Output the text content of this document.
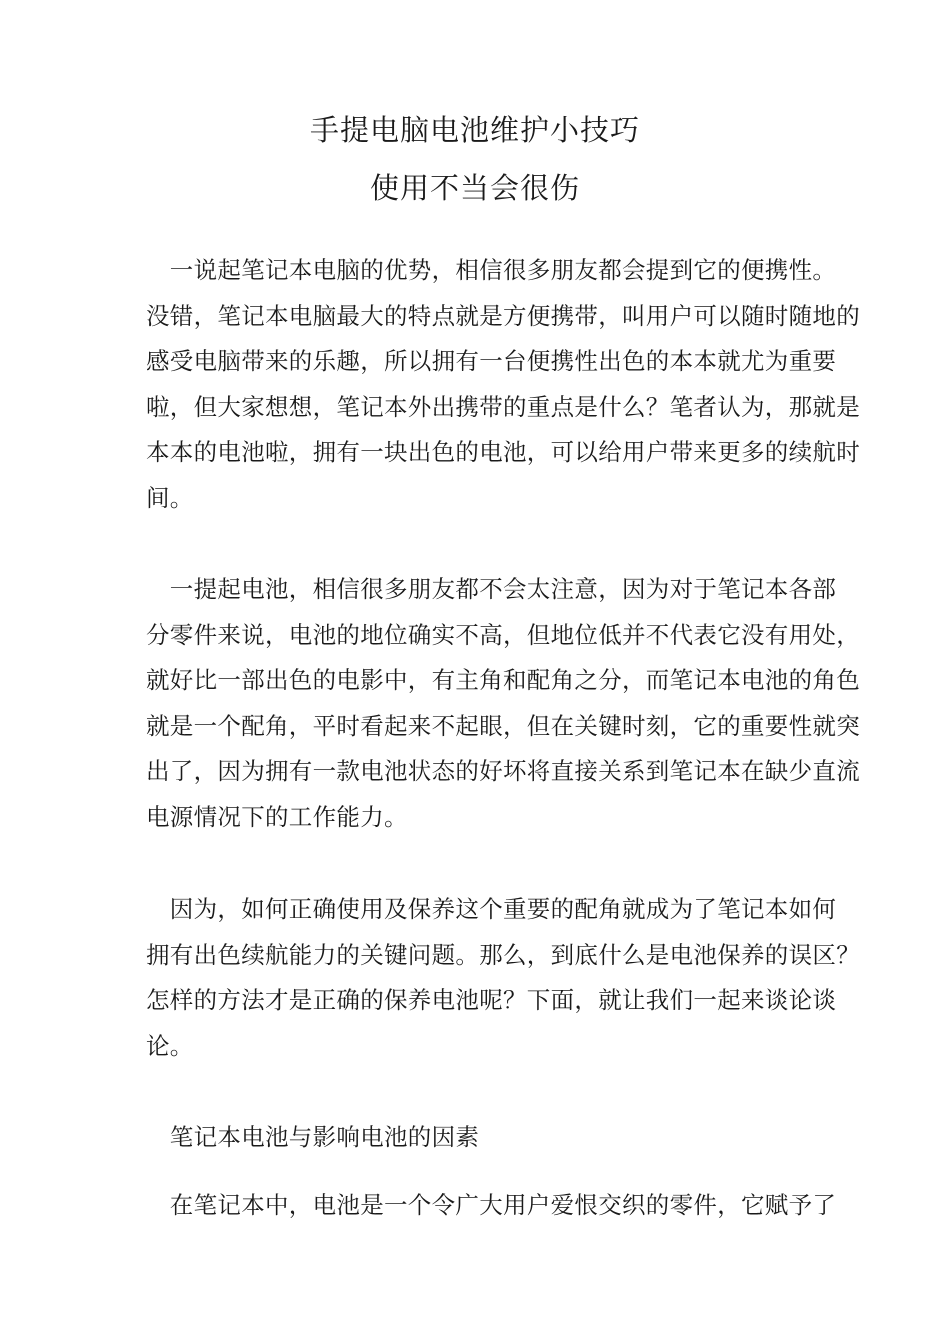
手提电脑电池维护小技巧
使用不当会很伤

　一说起笔记本电脑的优势，相信很多朋友都会提到它的便携性。
没错，笔记本电脑最大的特点就是方便携带，叫用户可以随时随地的
感受电脑带来的乐趣，所以拥有一台便携性出色的本本就尤为重要
啦，但大家想想，笔记本外出携带的重点是什么？笔者认为，那就是
本本的电池啦，拥有一块出色的电池，可以给用户带来更多的续航时
间。

　一提起电池，相信很多朋友都不会太注意，因为对于笔记本各部
分零件来说，电池的地位确实不高，但地位低并不代表它没有用处，
就好比一部出色的电影中，有主角和配角之分，而笔记本电池的角色
就是一个配角，平时看起来不起眼，但在关键时刻，它的重要性就突
出了，因为拥有一款电池状态的好坏将直接关系到笔记本在缺少直流
电源情况下的工作能力。

　因为，如何正确使用及保养这个重要的配角就成为了笔记本如何
拥有出色续航能力的关键问题。那么，到底什么是电池保养的误区？
怎样的方法才是正确的保养电池呢？下面，就让我们一起来谈论谈
论。

　笔记本电池与影响电池的因素

　在笔记本中，电池是一个令广大用户爱恨交织的零件，它赋予了
